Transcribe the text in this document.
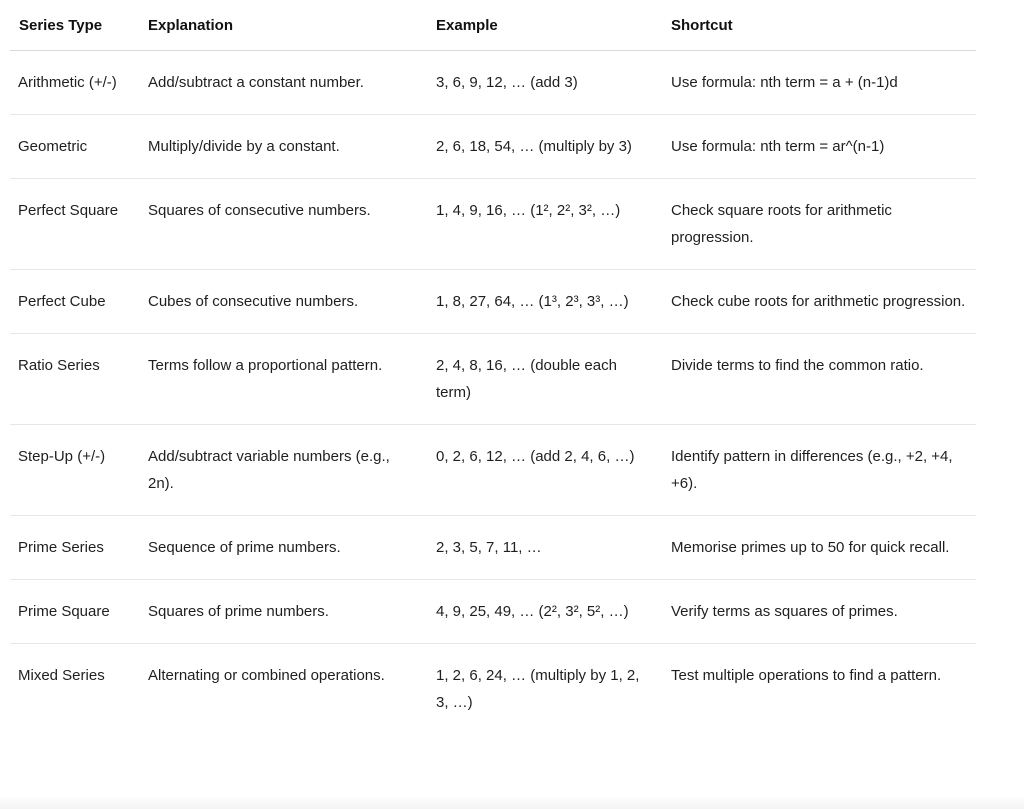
Series Type	Explanation	Example	Shortcut
Arithmetic (+/-)	Add/subtract a constant number.	3, 6, 9, 12, … (add 3)	Use formula: nth term = a + (n-1)d
Geometric	Multiply/divide by a constant.	2, 6, 18, 54, … (multiply by 3)	Use formula: nth term = ar^(n-1)
Perfect Square	Squares of consecutive numbers.	1, 4, 9, 16, … (1², 2², 3², …)	Check square roots for arithmetic progression.
Perfect Cube	Cubes of consecutive numbers.	1, 8, 27, 64, … (1³, 2³, 3³, …)	Check cube roots for arithmetic progression.
Ratio Series	Terms follow a proportional pattern.	2, 4, 8, 16, … (double each term)	Divide terms to find the common ratio.
Step-Up (+/-)	Add/subtract variable numbers (e.g., 2n).	0, 2, 6, 12, … (add 2, 4, 6, …)	Identify pattern in differences (e.g., +2, +4, +6).
Prime Series	Sequence of prime numbers.	2, 3, 5, 7, 11, …	Memorise primes up to 50 for quick recall.
Prime Square	Squares of prime numbers.	4, 9, 25, 49, … (2², 3², 5², …)	Verify terms as squares of primes.
Mixed Series	Alternating or combined operations.	1, 2, 6, 24, … (multiply by 1, 2, 3, …)	Test multiple operations to find a pattern.
